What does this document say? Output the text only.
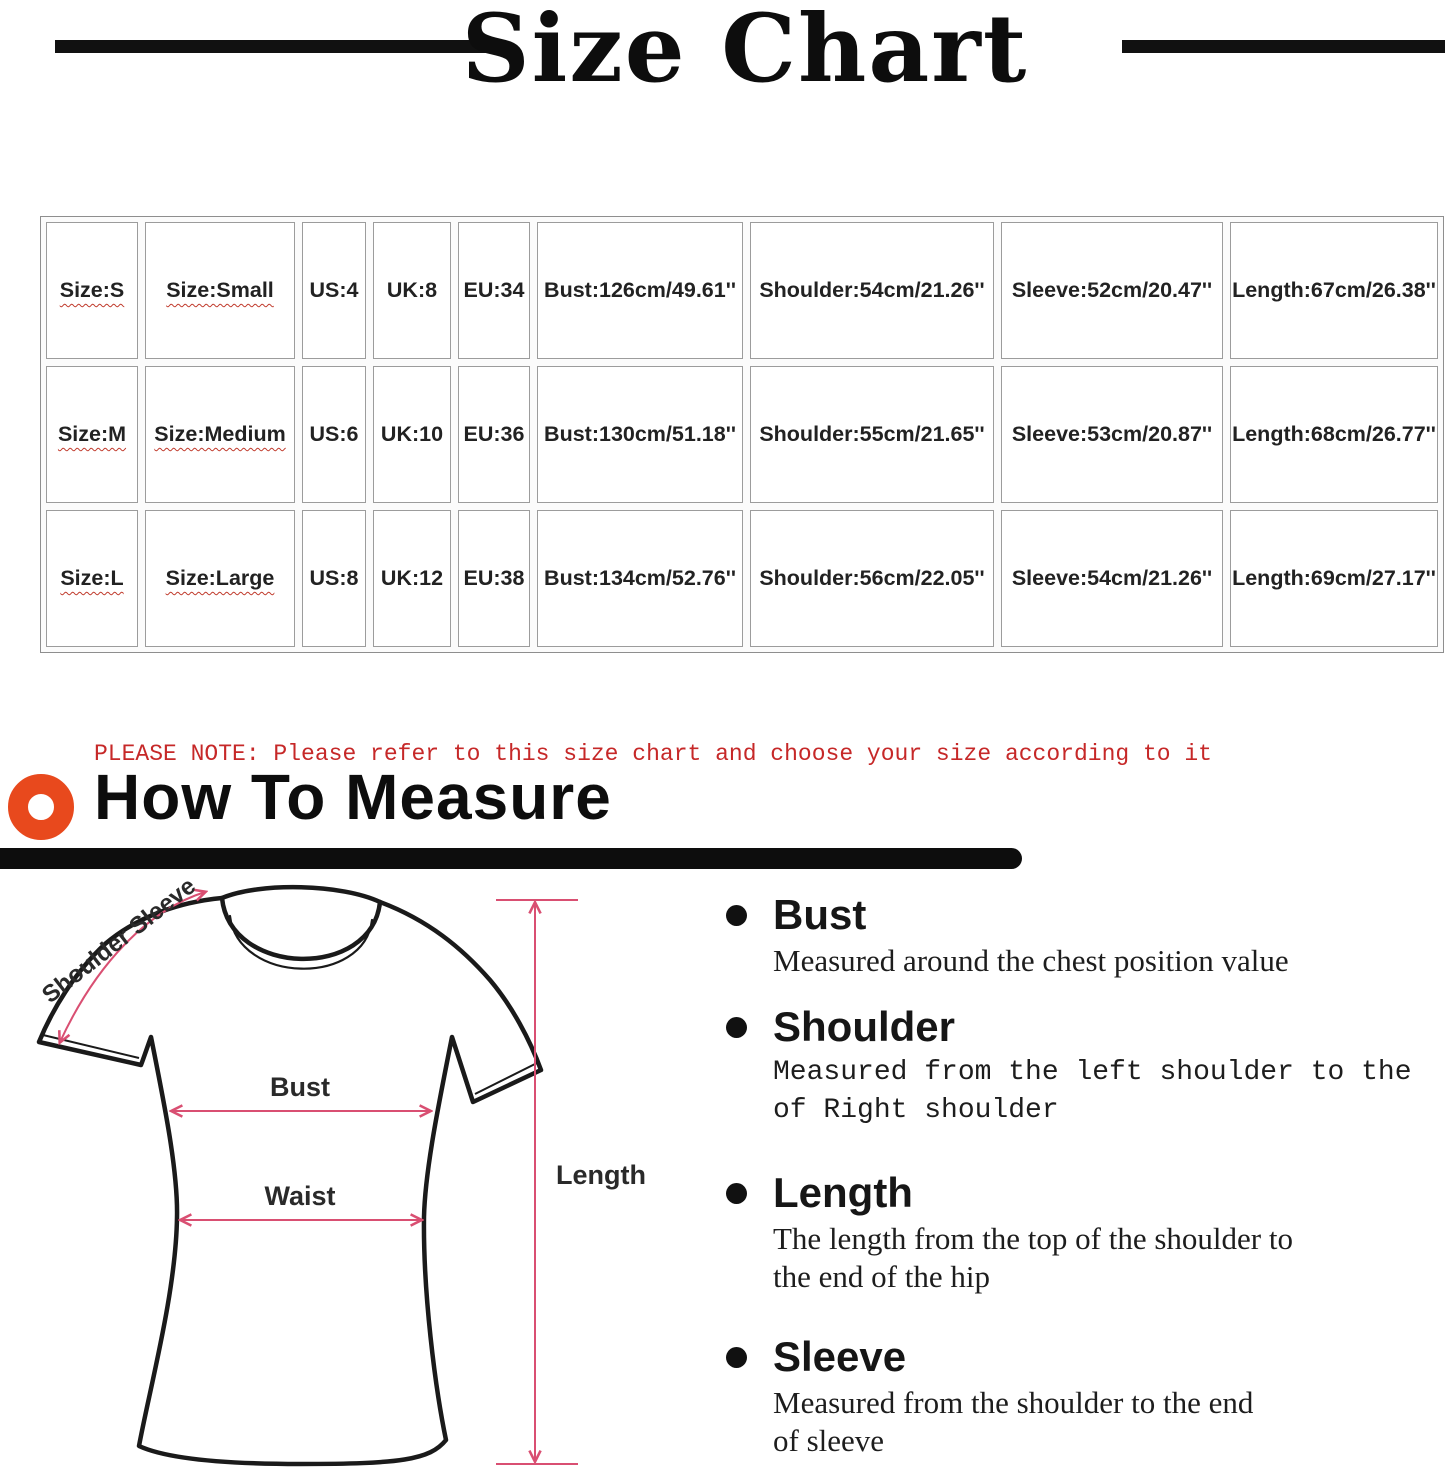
Size Chart
Size:S Size:Small US:4 UK:8 EU:34 Bust:126cm/49.61'' Shoulder:54cm/21.26'' Sleeve:52cm/20.47'' Length:67cm/26.38''
Size:M Size:Medium US:6 UK:10 EU:36 Bust:130cm/51.18'' Shoulder:55cm/21.65'' Sleeve:53cm/20.87'' Length:68cm/26.77''
Size:L Size:Large US:8 UK:12 EU:38 Bust:134cm/52.76'' Shoulder:56cm/22.05'' Sleeve:54cm/21.26'' Length:69cm/27.17''
PLEASE NOTE: Please refer to this size chart and choose your size according to it
How To Measure
Shoulder Sleeve
Bust
Waist
Length
Bust
Measured around the chest position value
Shoulder
Measured from the left shoulder to the
of Right shoulder
Length
The length from the top of the shoulder to
the end of the hip
Sleeve
Measured from the shoulder to the end
of sleeve
